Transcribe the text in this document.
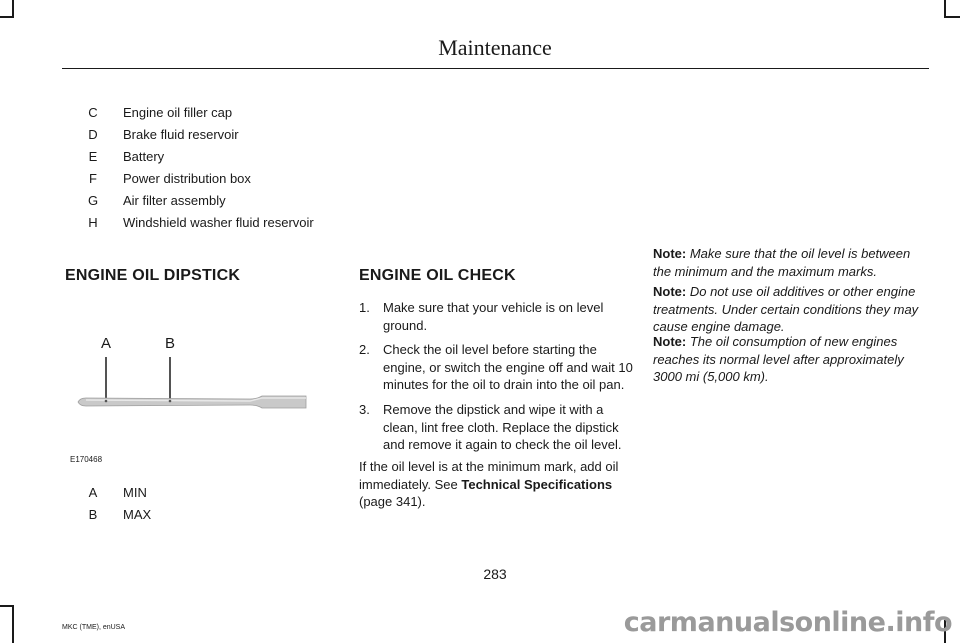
Maintenance
C Engine oil filler cap
D Brake fluid reservoir
E Battery
F Power distribution box
G Air filter assembly
H Windshield washer fluid reservoir
ENGINE OIL DIPSTICK
A	B
E170468
A MIN
B MAX
ENGINE OIL CHECK
1.	Make sure that your vehicle is on level ground.
2.	Check the oil level before starting the engine, or switch the engine off and wait 10 minutes for the oil to drain into the oil pan.
3.	Remove the dipstick and wipe it with a clean, lint free cloth. Replace the dipstick and remove it again to check the oil level.
If the oil level is at the minimum mark, add oil immediately. See Technical Specifications (page 341).
Note: Make sure that the oil level is between the minimum and the maximum marks.
Note: Do not use oil additives or other engine treatments. Under certain conditions they may cause engine damage.
Note: The oil consumption of new engines reaches its normal level after approximately 3000 mi (5,000 km).
283
MKC (TME), enUSA	carmanualsonline.info
